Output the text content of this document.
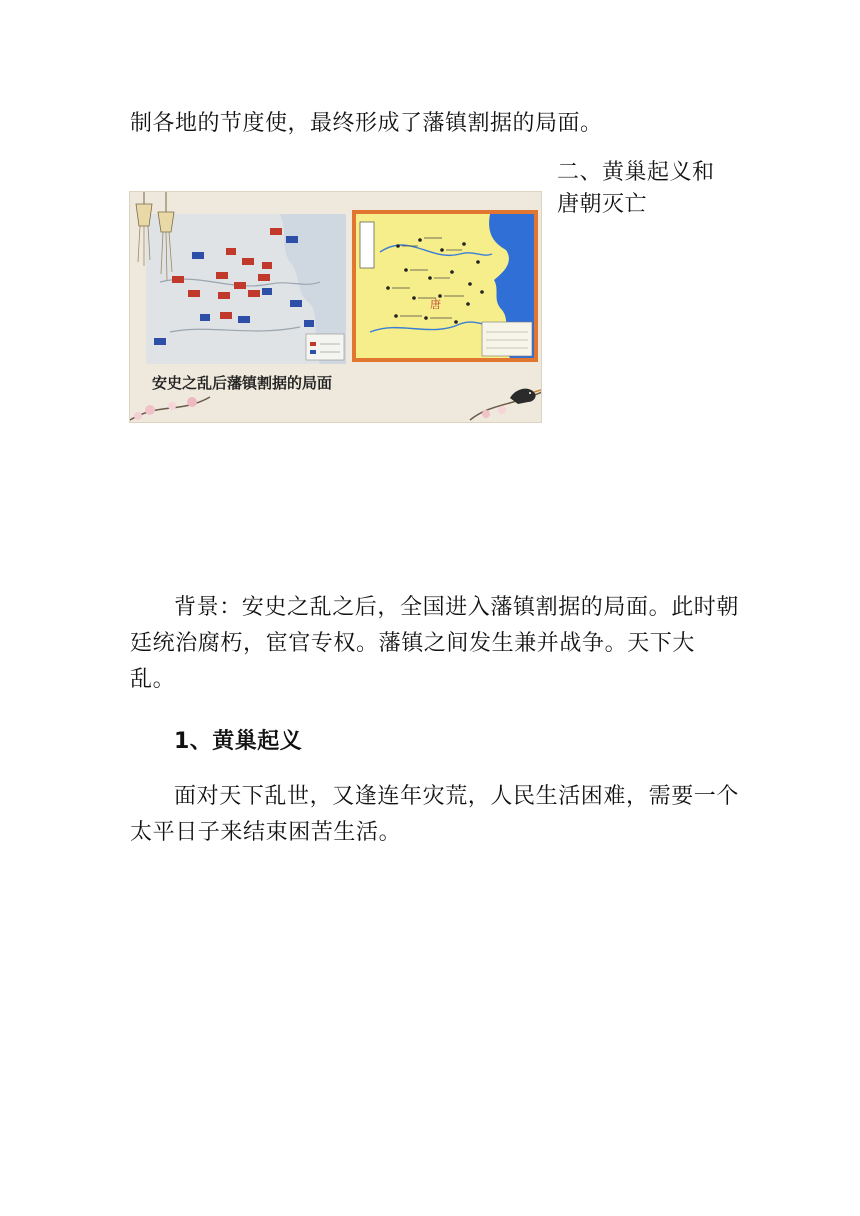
制各地的节度使，最终形成了藩镇割据的局面。
二、黄巢起义和
唐朝灭亡
唐
安史之乱后藩镇割据的局面
背景：安史之乱之后，全国进入藩镇割据的局面。此时朝廷统治腐朽，宦官专权。藩镇之间发生兼并战争。天下大乱。
1、黄巢起义
面对天下乱世，又逢连年灾荒，人民生活困难，需要一个太平日子来结束困苦生活。
